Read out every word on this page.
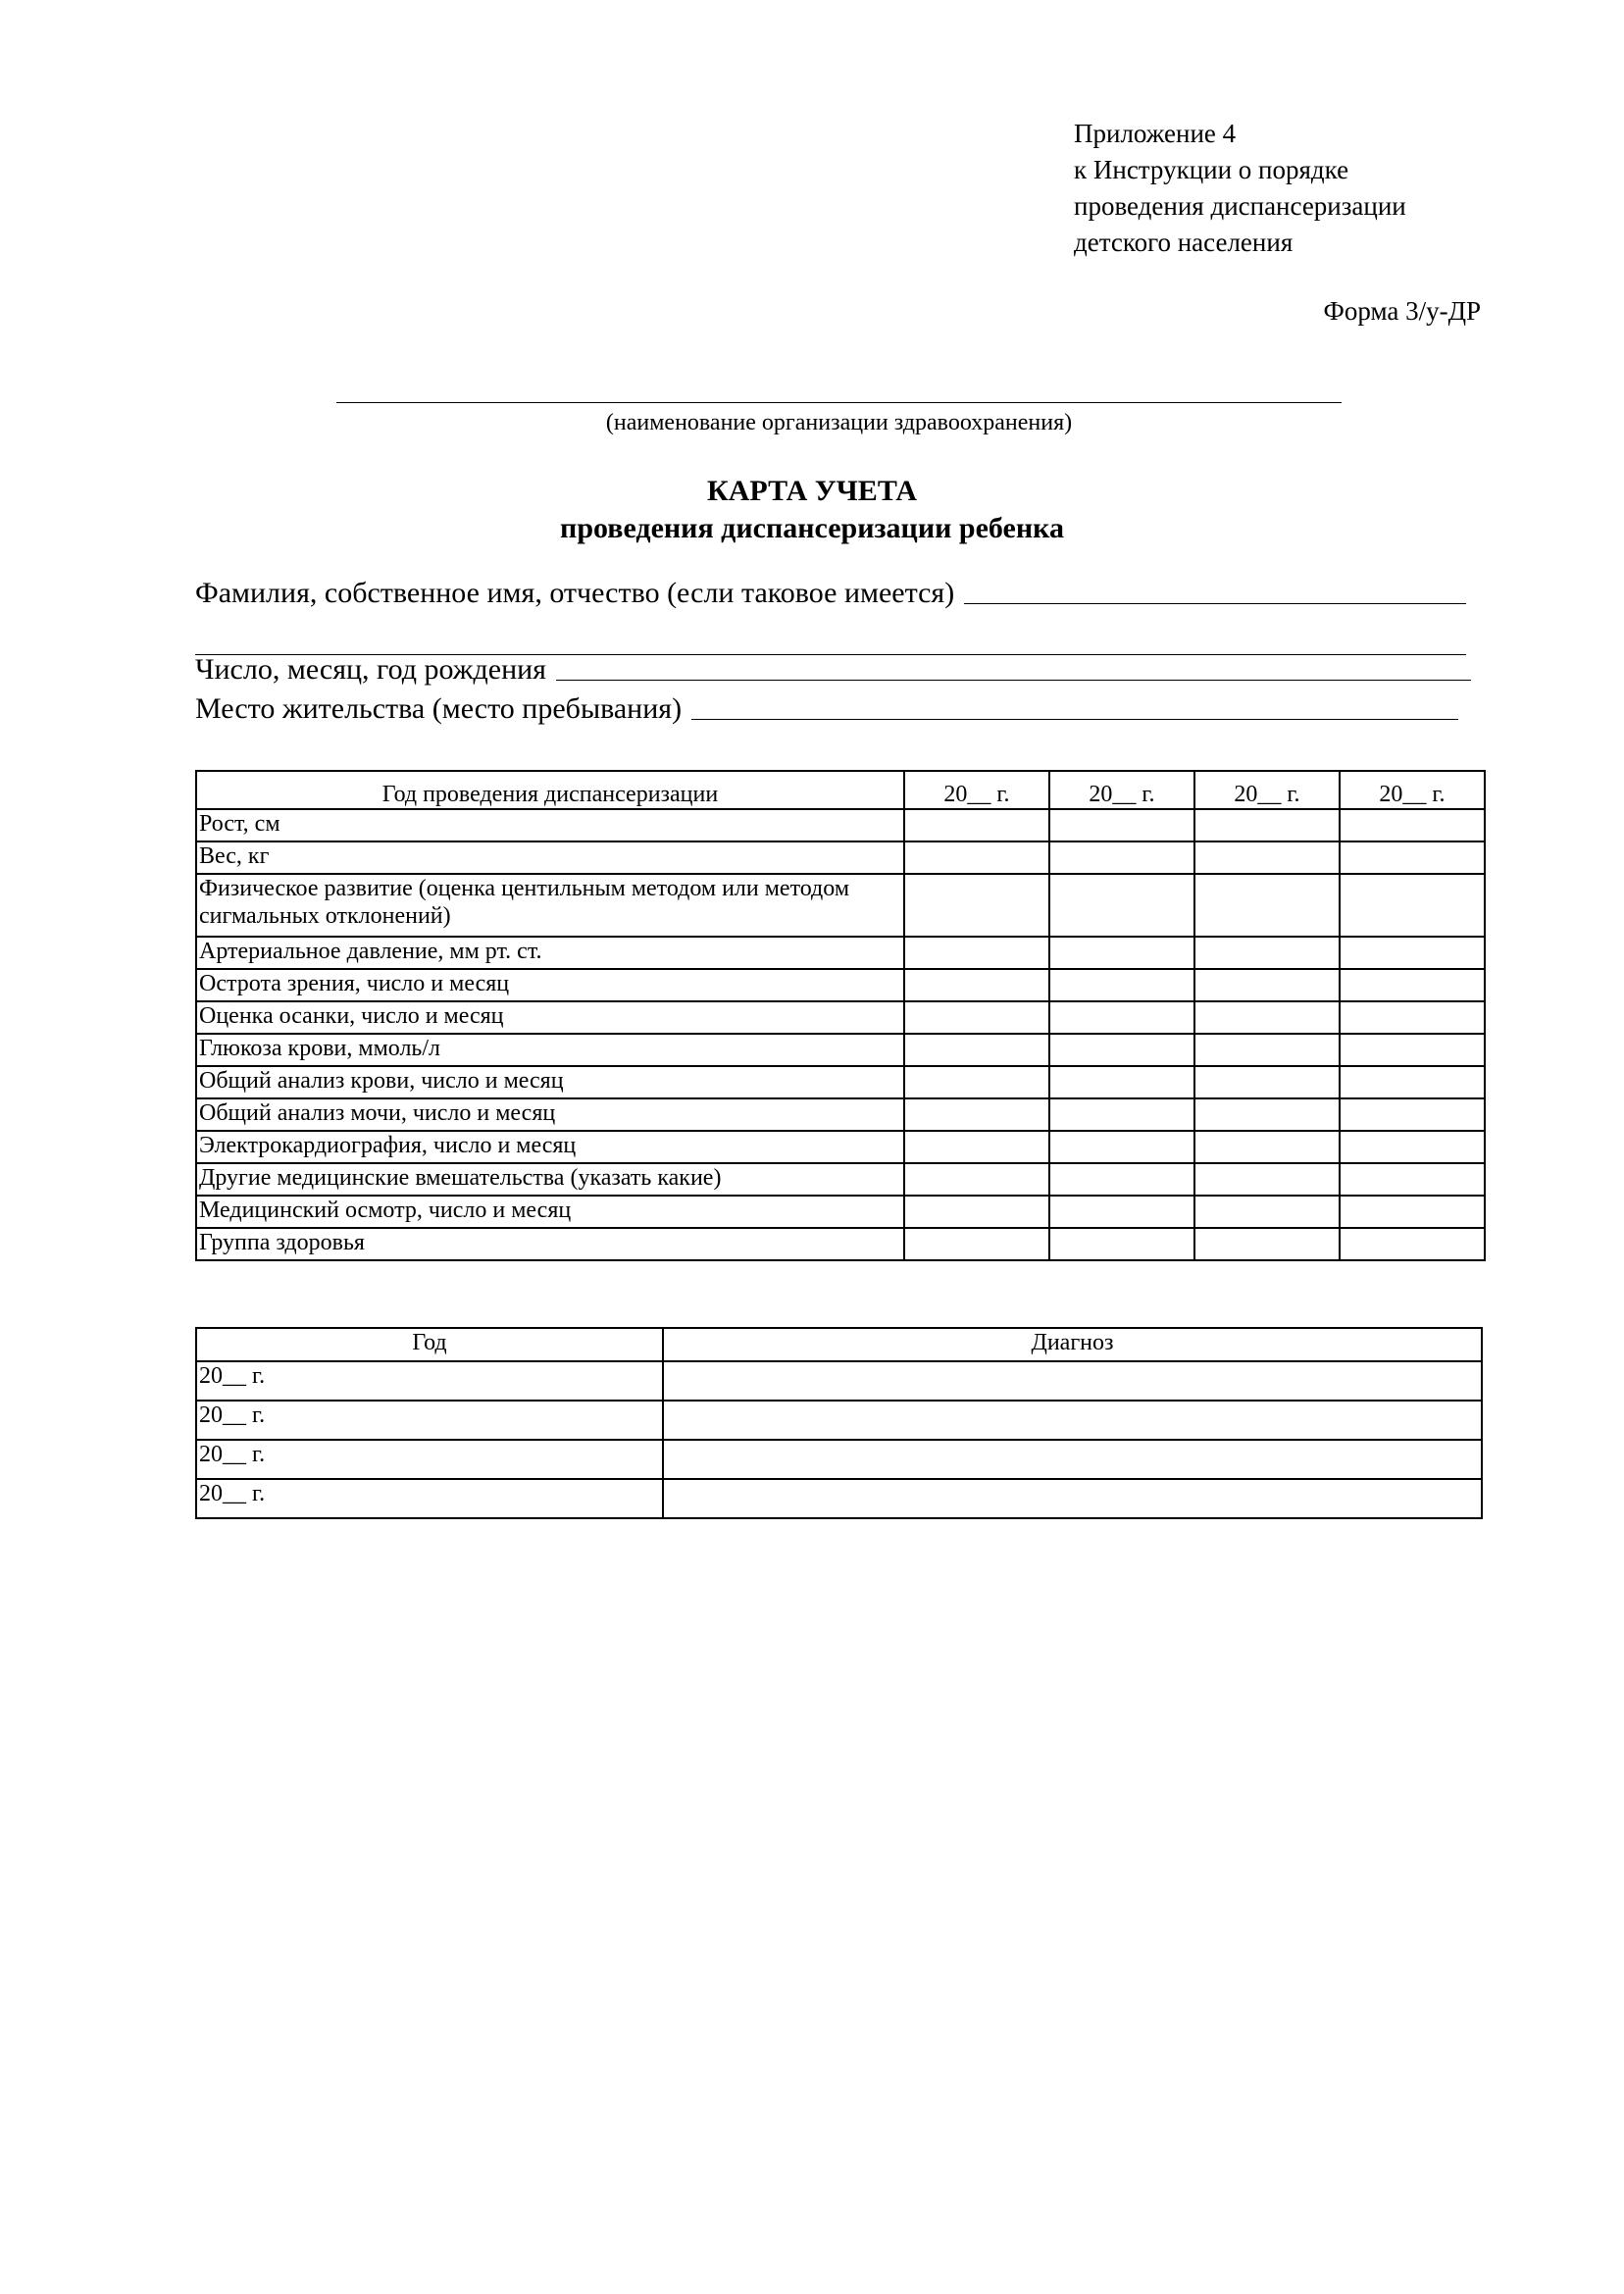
Приложение 4
к Инструкции о порядке
проведения диспансеризации
детского населения
Форма 3/у-ДР
(наименование организации здравоохранения)
КАРТА УЧЕТА
проведения диспансеризации ребенка
Фамилия, собственное имя, отчество (если таковое имеется)
Число, месяц, год рождения
Место жительства (место пребывания)
Год проведения диспансеризации	20__ г.	20__ г.	20__ г.	20__ г.
Рост, см				
Вес, кг				
Физическое развитие (оценка центильным методом или методом сигмальных отклонений)				
Артериальное давление, мм рт. ст.				
Острота зрения, число и месяц				
Оценка осанки, число и месяц				
Глюкоза крови, ммоль/л				
Общий анализ крови, число и месяц				
Общий анализ мочи, число и месяц				
Электрокардиография, число и месяц				
Другие медицинские вмешательства (указать какие)				
Медицинский осмотр, число и месяц				
Группа здоровья				
Год	Диагноз
20__ г.	
20__ г.	
20__ г.	
20__ г.	
